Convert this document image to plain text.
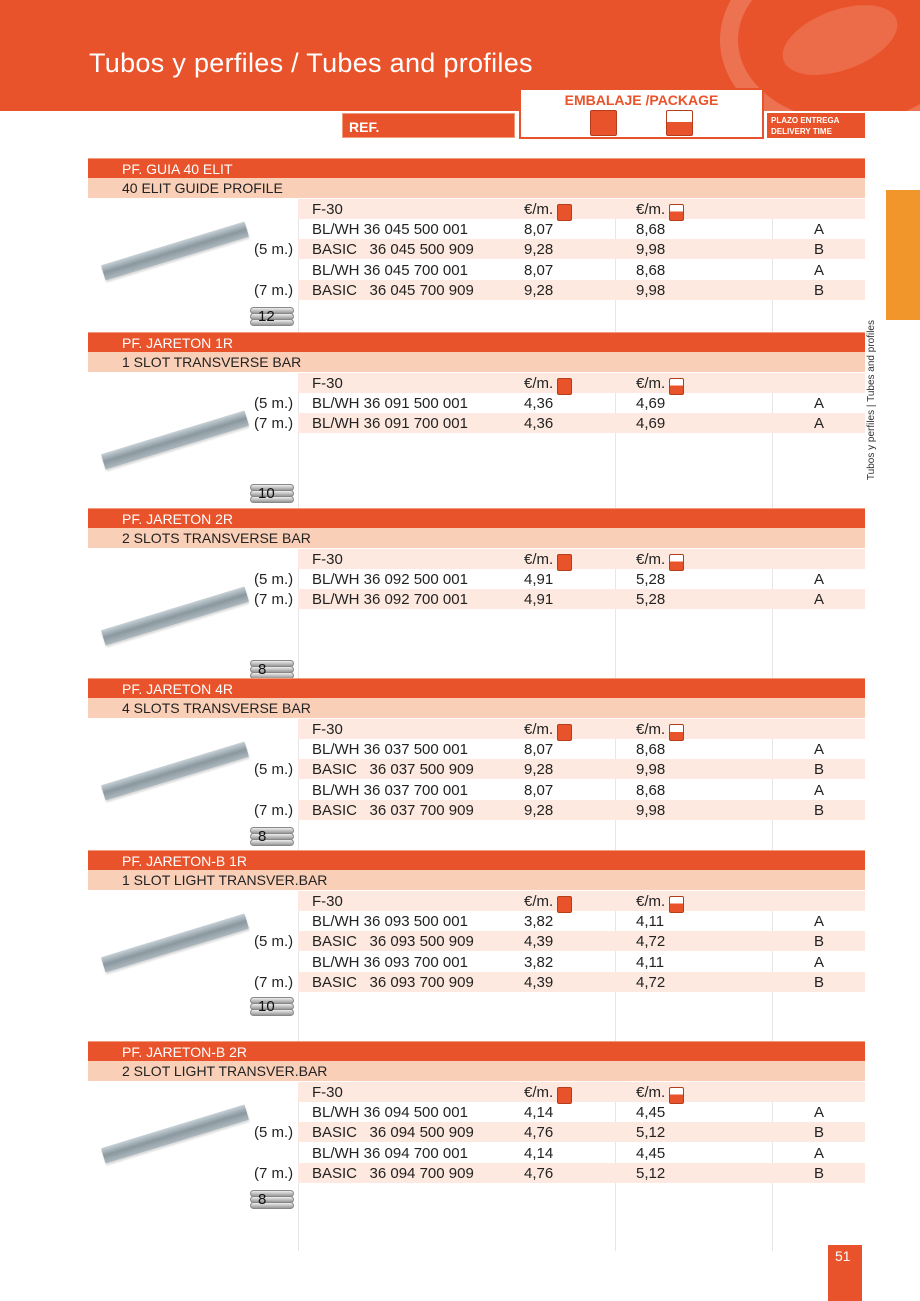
Tubos y perfiles / Tubes and profiles
EMBALAJE /PACKAGE
REF.	PLAZO ENTREGA
DELIVERY TIME
Tubos y perfiles | Tubes and profiles
PF. GUIA 40 ELIT
40 ELIT GUIDE PROFILE
F-30	€/m.	€/m.
BL/WH 36 045 500 001	8,07	8,68	A
(5 m.) BASIC   36 045 500 909	9,28	9,98	B
BL/WH 36 045 700 001	8,07	8,68	A
(7 m.) BASIC   36 045 700 909	9,28	9,98	B
12
PF. JARETON 1R
1 SLOT TRANSVERSE BAR
F-30	€/m.	€/m.
(5 m.) BL/WH 36 091 500 001	4,36	4,69	A
(7 m.) BL/WH 36 091 700 001	4,36	4,69	A
10
PF. JARETON 2R
2 SLOTS TRANSVERSE BAR
F-30	€/m.	€/m.
(5 m.) BL/WH 36 092 500 001	4,91	5,28	A
(7 m.) BL/WH 36 092 700 001	4,91	5,28	A
8
PF. JARETON 4R
4 SLOTS TRANSVERSE BAR
F-30	€/m.	€/m.
BL/WH 36 037 500 001	8,07	8,68	A
(5 m.) BASIC   36 037 500 909	9,28	9,98	B
BL/WH 36 037 700 001	8,07	8,68	A
(7 m.) BASIC   36 037 700 909	9,28	9,98	B
8
PF. JARETON-B 1R
1 SLOT LIGHT TRANSVER.BAR
F-30	€/m.	€/m.
BL/WH 36 093 500 001	3,82	4,11	A
(5 m.) BASIC   36 093 500 909	4,39	4,72	B
BL/WH 36 093 700 001	3,82	4,11	A
(7 m.) BASIC   36 093 700 909	4,39	4,72	B
10
PF. JARETON-B 2R
2 SLOT LIGHT TRANSVER.BAR
F-30	€/m.	€/m.
BL/WH 36 094 500 001	4,14	4,45	A
(5 m.) BASIC   36 094 500 909	4,76	5,12	B
BL/WH 36 094 700 001	4,14	4,45	A
(7 m.) BASIC   36 094 700 909	4,76	5,12	B
8
51
